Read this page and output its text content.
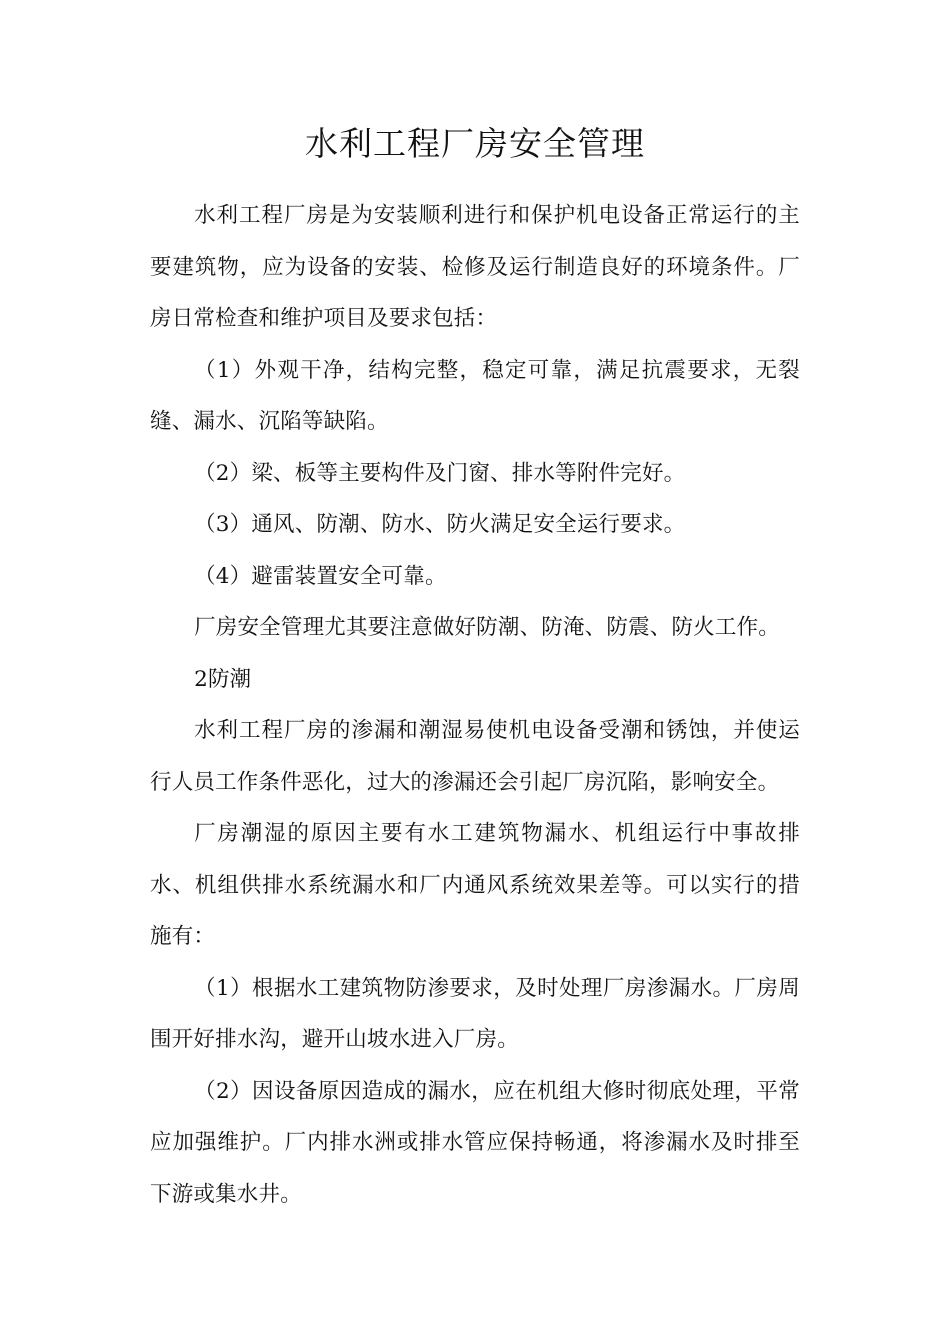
水利工程厂房安全管理

水利工程厂房是为安装顺利进行和保护机电设备正常运行的主要建筑物，应为设备的安装、检修及运行制造良好的环境条件。厂房日常检查和维护项目及要求包括：

（1）外观干净，结构完整，稳定可靠，满足抗震要求，无裂缝、漏水、沉陷等缺陷。

（2）梁、板等主要构件及门窗、排水等附件完好。

（3）通风、防潮、防水、防火满足安全运行要求。

（4）避雷装置安全可靠。

厂房安全管理尤其要注意做好防潮、防淹、防震、防火工作。

2防潮

水利工程厂房的渗漏和潮湿易使机电设备受潮和锈蚀，并使运行人员工作条件恶化，过大的渗漏还会引起厂房沉陷，影响安全。

厂房潮湿的原因主要有水工建筑物漏水、机组运行中事故排水、机组供排水系统漏水和厂内通风系统效果差等。可以实行的措施有：

（1）根据水工建筑物防渗要求，及时处理厂房渗漏水。厂房周围开好排水沟，避开山坡水进入厂房。

（2）因设备原因造成的漏水，应在机组大修时彻底处理，平常应加强维护。厂内排水洲或排水管应保持畅通，将渗漏水及时排至下游或集水井。
